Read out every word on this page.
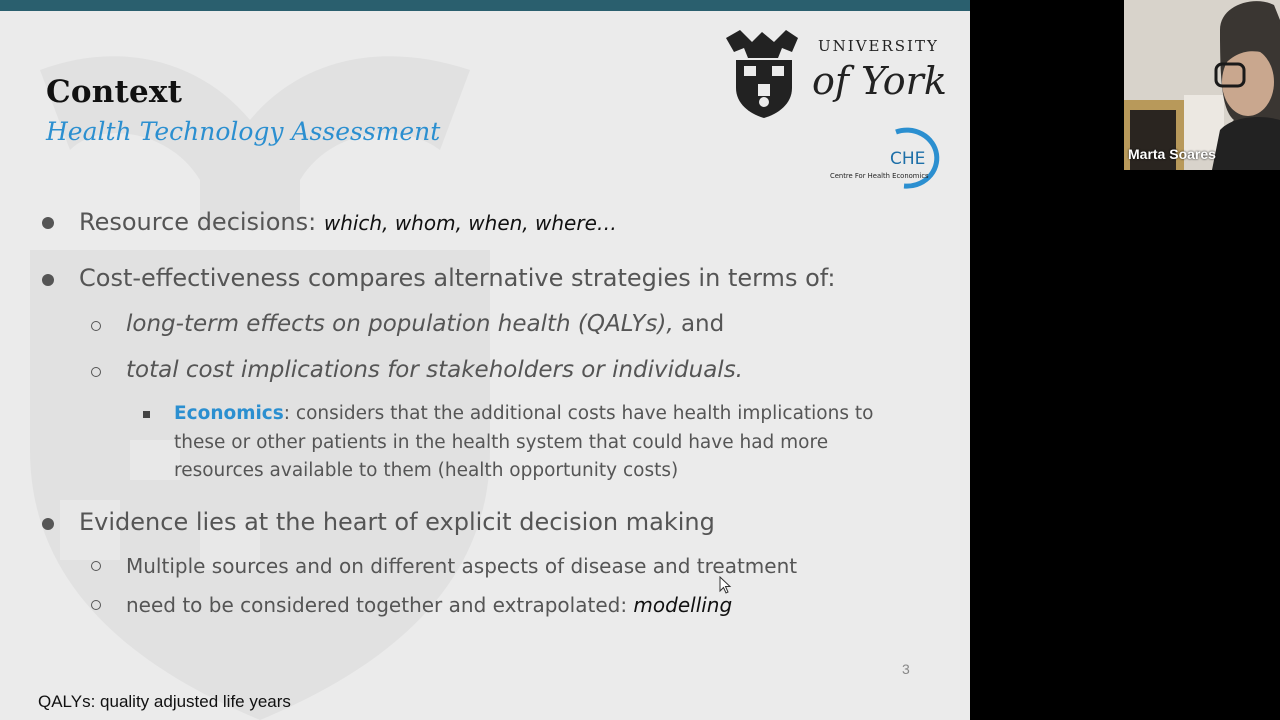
Context
Health Technology Assessment
UNIVERSITY
of York
CHE
Centre For Health Economics
Resource decisions: which, whom, when, where…
Cost-effectiveness compares alternative strategies in terms of:
long-term effects on population health (QALYs), and
total cost implications for stakeholders or individuals.
Economics: considers that the additional costs have health implications to these or other patients in the health system that could have had more resources available to them (health opportunity costs)
Evidence lies at the heart of explicit decision making
Multiple sources and on different aspects of disease and treatment
need to be considered together and extrapolated: modelling
3
QALYs: quality adjusted life years
Marta Soares
